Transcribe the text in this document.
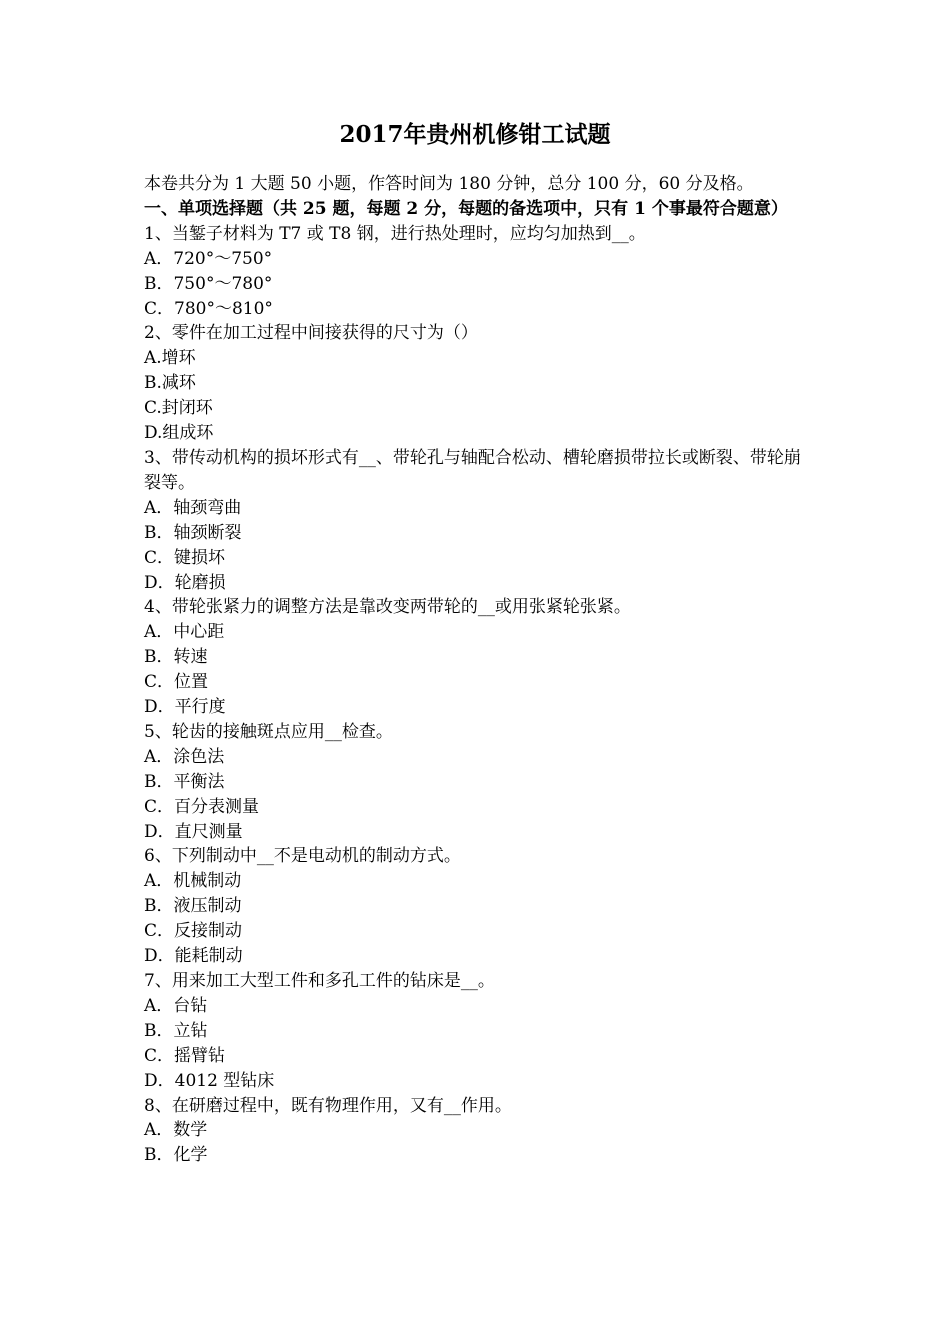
2017年贵州机修钳工试题

本卷共分为 1 大题 50 小题，作答时间为 180 分钟，总分 100 分，60 分及格。

一、单项选择题（共 25 题，每题 2 分，每题的备选项中，只有 1 个事最符合题意）

1、当錾子材料为 T7 或 T8 钢，进行热处理时，应均匀加热到__。

A．720°～750°

B．750°～780°

C．780°～810°

2、零件在加工过程中间接获得的尺寸为（）

A.增环

B.减环

C.封闭环

D.组成环

3、带传动机构的损坏形式有__、带轮孔与轴配合松动、槽轮磨损带拉长或断裂、带轮崩裂等。

A．轴颈弯曲

B．轴颈断裂

C．键损坏

D．轮磨损

4、带轮张紧力的调整方法是靠改变两带轮的__或用张紧轮张紧。

A．中心距

B．转速

C．位置

D．平行度

5、轮齿的接触斑点应用__检查。

A．涂色法

B．平衡法

C．百分表测量

D．直尺测量

6、下列制动中__不是电动机的制动方式。

A．机械制动

B．液压制动

C．反接制动

D．能耗制动

7、用来加工大型工件和多孔工件的钻床是__。

A．台钻

B．立钻

C．摇臂钻

D．4012 型钻床

8、在研磨过程中，既有物理作用，又有__作用。

A．数学

B．化学
